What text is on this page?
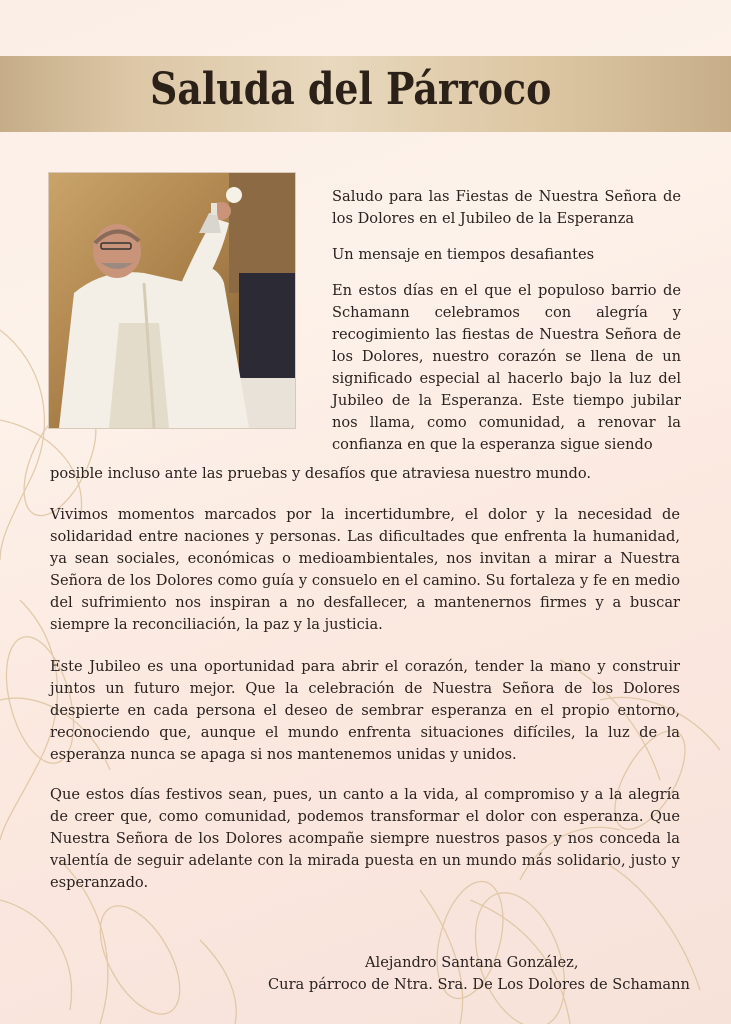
Saluda del Párroco

Saludo para las Fiestas de Nuestra Señora de los Dolores en el Jubileo de la Esperanza

Un mensaje en tiempos desafiantes

En estos días en el que el populoso barrio de Schamann celebramos con alegría y recogimiento las fiestas de Nuestra Señora de los Dolores, nuestro corazón se llena de un significado especial al hacerlo bajo la luz del Jubileo de la Esperanza. Este tiempo jubilar nos llama, como comunidad, a renovar la confianza en que la esperanza sigue siendo

posible incluso ante las pruebas y desafíos que atraviesa nuestro mundo.

Vivimos momentos marcados por la incertidumbre, el dolor y la necesidad de solidaridad entre naciones y personas. Las dificultades que enfrenta la humanidad, ya sean sociales, económicas o medioambientales, nos invitan a mirar a Nuestra Señora de los Dolores como guía y consuelo en el camino. Su fortaleza y fe en medio del sufrimiento nos inspiran a no desfallecer, a mantenernos firmes y a buscar siempre la reconciliación, la paz y la justicia.

Este Jubileo es una oportunidad para abrir el corazón, tender la mano y construir juntos un futuro mejor. Que la celebración de Nuestra Señora de los Dolores despierte en cada persona el deseo de sembrar esperanza en el propio entorno, reconociendo que, aunque el mundo enfrenta situaciones difíciles, la luz de la esperanza nunca se apaga si nos mantenemos unidas y unidos.

Que estos días festivos sean, pues, un canto a la vida, al compromiso y a la alegría de creer que, como comunidad, podemos transformar el dolor con esperanza. Que Nuestra Señora de los Dolores acompañe siempre nuestros pasos y nos conceda la valentía de seguir adelante con la mirada puesta en un mundo más solidario, justo y esperanzado.

Alejandro Santana González,
Cura párroco de Ntra. Sra. De Los Dolores de Schamann
